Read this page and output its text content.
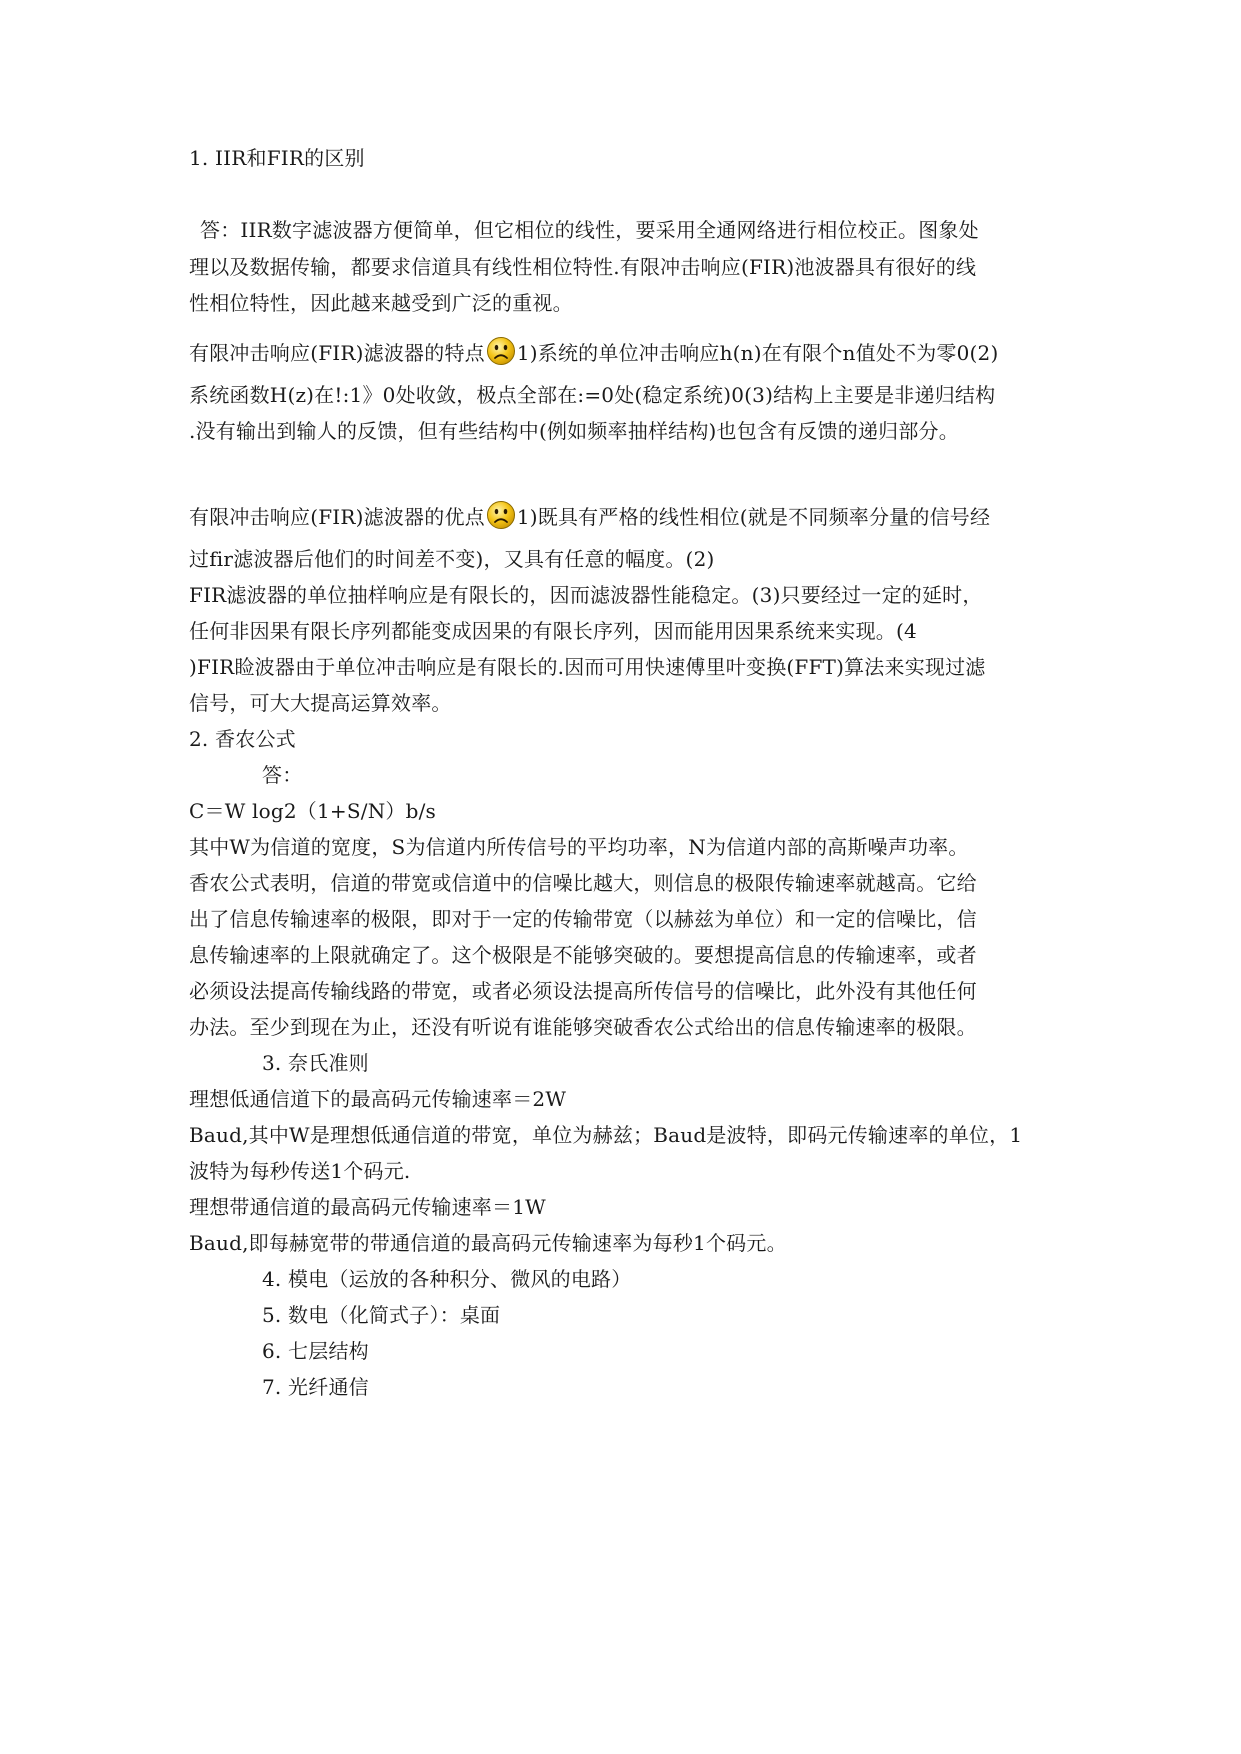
1. IIR和FIR的区别
答：IIR数字滤波器方便简单，但它相位的线性，要采用全通网络进行相位校正。图象处
理以及数据传输，都要求信道具有线性相位特性.有限冲击响应(FIR)池波器具有很好的线
性相位特性，因此越来越受到广泛的重视。
有限冲击响应(FIR)滤波器的特点 1)系统的单位冲击响应h(n)在有限个n值处不为零0(2)
系统函数H(z)在!:1》0处收敛，极点全部在:=0处(稳定系统)0(3)结构上主要是非递归结构
.没有输出到输人的反馈，但有些结构中(例如频率抽样结构)也包含有反馈的递归部分。
有限冲击响应(FIR)滤波器的优点 1)既具有严格的线性相位(就是不同频率分量的信号经
过fir滤波器后他们的时间差不变)，又具有任意的幅度。(2)
FIR滤波器的单位抽样响应是有限长的，因而滤波器性能稳定。(3)只要经过一定的延时，
任何非因果有限长序列都能变成因果的有限长序列，因而能用因果系统来实现。(4
)FIR睑波器由于单位冲击响应是有限长的.因而可用快速傅里叶变换(FFT)算法来实现过滤
信号，可大大提高运算效率。
2. 香农公式
答：
C＝W log2（1+S/N）b/s
其中W为信道的宽度，S为信道内所传信号的平均功率，N为信道内部的高斯噪声功率。
香农公式表明，信道的带宽或信道中的信噪比越大，则信息的极限传输速率就越高。它给
出了信息传输速率的极限，即对于一定的传输带宽（以赫兹为单位）和一定的信噪比，信
息传输速率的上限就确定了。这个极限是不能够突破的。要想提高信息的传输速率，或者
必须设法提高传输线路的带宽，或者必须设法提高所传信号的信噪比，此外没有其他任何
办法。至少到现在为止，还没有听说有谁能够突破香农公式给出的信息传输速率的极限。
3. 奈氏准则
理想低通信道下的最高码元传输速率＝2W
Baud,其中W是理想低通信道的带宽，单位为赫兹；Baud是波特，即码元传输速率的单位，1
波特为每秒传送1个码元.
理想带通信道的最高码元传输速率＝1W
Baud,即每赫宽带的带通信道的最高码元传输速率为每秒1个码元。
4. 模电（运放的各种积分、微风的电路）
5. 数电（化简式子）：桌面
6. 七层结构
7. 光纤通信
